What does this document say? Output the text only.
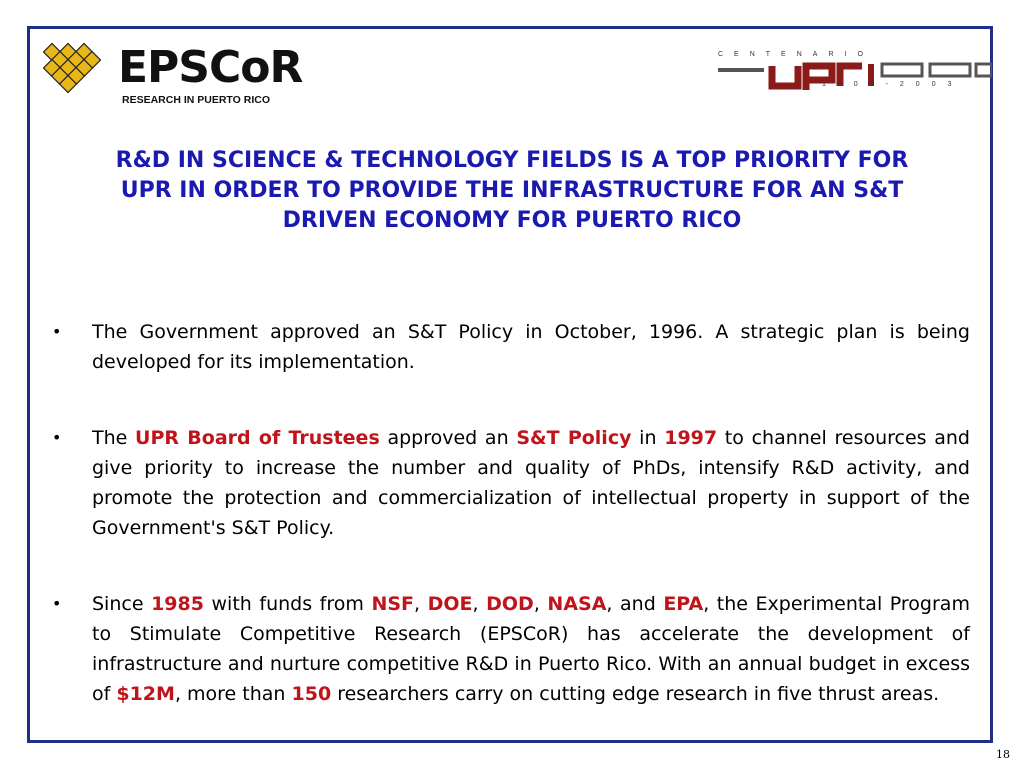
EPSCoR
RESEARCH IN PUERTO RICO
CENTENARIO
1903-2003
R&D IN SCIENCE & TECHNOLOGY FIELDS IS A TOP PRIORITY FOR UPR IN ORDER TO PROVIDE THE INFRASTRUCTURE FOR AN S&T DRIVEN ECONOMY FOR PUERTO RICO
• The Government approved an S&T Policy in October, 1996. A strategic plan is being developed for its implementation.
• The UPR Board of Trustees approved an S&T Policy in 1997 to channel resources and give priority to increase the number and quality of PhDs, intensify R&D activity, and promote the protection and commercialization of intellectual property in support of the Government's S&T Policy.
• Since 1985 with funds from NSF, DOE, DOD, NASA, and EPA, the Experimental Program to Stimulate Competitive Research (EPSCoR) has accelerate the development of infrastructure and nurture competitive R&D in Puerto Rico. With an annual budget in excess of $12M, more than 150 researchers carry on cutting edge research in five thrust areas.
18
